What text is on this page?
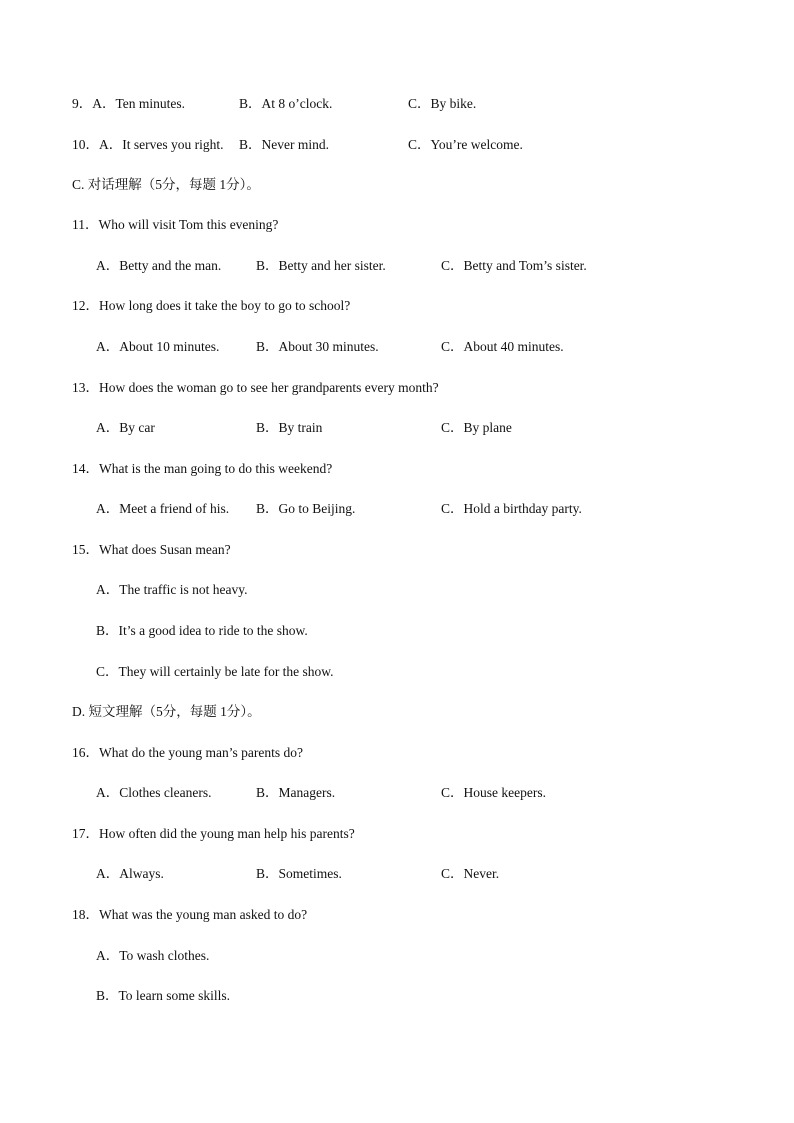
9．A．Ten minutes.	B．At 8 o’clock.	C．By bike.
10．A．It serves you right. B．Never mind.	C．You’re welcome.
C. 对话理解（5分，每题 1分）。
11．Who will visit Tom this evening?
A．Betty and the man.	B．Betty and her sister.	C．Betty and Tom’s sister.
12．How long does it take the boy to go to school?
A．About 10 minutes.	B．About 30 minutes.	C．About 40 minutes.
13．How does the woman go to see her grandparents every month?
A．By car	B．By train	C．By plane
14．What is the man going to do this weekend?
A．Meet a friend of his. B．Go to Beijing.	C．Hold a birthday party.
15．What does Susan mean?
A．The traffic is not heavy.
B．It’s a good idea to ride to the show.
C．They will certainly be late for the show.
D. 短文理解（5分，每题 1分）。
16．What do the young man’s parents do?
A．Clothes cleaners.	B．Managers.	C．House keepers.
17．How often did the young man help his parents?
A．Always.	B．Sometimes.	C．Never.
18．What was the young man asked to do?
A．To wash clothes.
B．To learn some skills.
